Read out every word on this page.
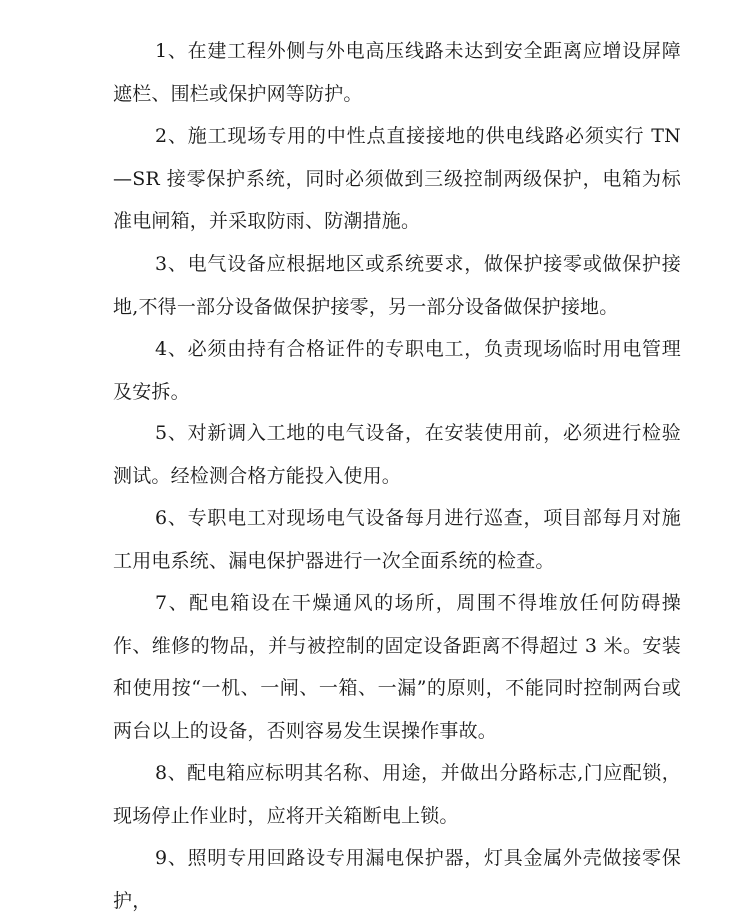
1、在建工程外侧与外电高压线路未达到安全距离应增设屏障遮栏、围栏或保护网等防护。

2、施工现场专用的中性点直接接地的供电线路必须实行 TN—SR 接零保护系统，同时必须做到三级控制两级保护，电箱为标准电闸箱，并采取防雨、防潮措施。

3、电气设备应根据地区或系统要求，做保护接零或做保护接地,不得一部分设备做保护接零，另一部分设备做保护接地。

4、必须由持有合格证件的专职电工，负责现场临时用电管理及安拆。

5、对新调入工地的电气设备，在安装使用前，必须进行检验测试。经检测合格方能投入使用。

6、专职电工对现场电气设备每月进行巡查，项目部每月对施工用电系统、漏电保护器进行一次全面系统的检查。

7、配电箱设在干燥通风的场所，周围不得堆放任何防碍操作、维修的物品，并与被控制的固定设备距离不得超过 3 米。安装和使用按“一机、一闸、一箱、一漏”的原则，不能同时控制两台或两台以上的设备，否则容易发生误操作事故。

8、配电箱应标明其名称、用途，并做出分路标志,门应配锁，现场停止作业时，应将开关箱断电上锁。

9、照明专用回路设专用漏电保护器，灯具金属外壳做接零保护，
